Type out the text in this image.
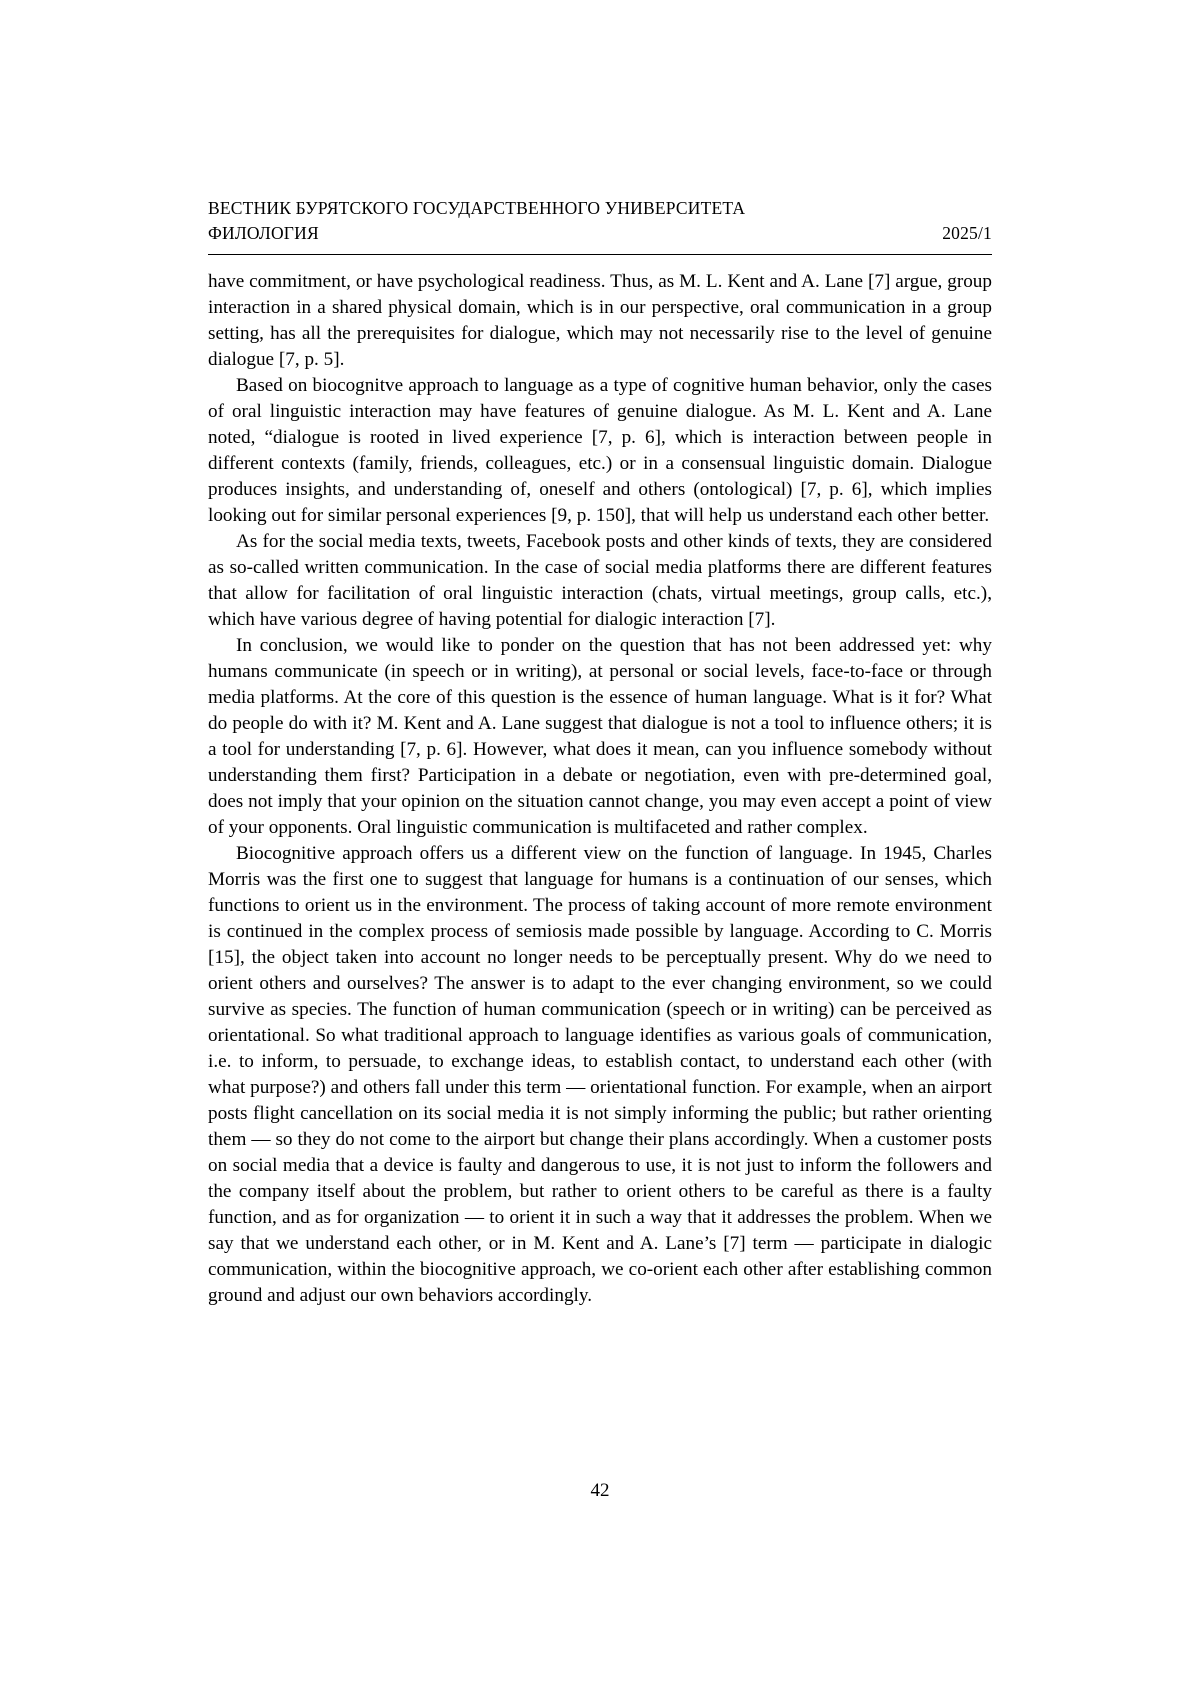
ВЕСТНИК БУРЯТСКОГО ГОСУДАРСТВЕННОГО УНИВЕРСИТЕТА
ФИЛОЛОГИЯ	2025/1

have commitment, or have psychological readiness. Thus, as M. L. Kent and A. Lane [7] argue, group interaction in a shared physical domain, which is in our perspective, oral communication in a group setting, has all the prerequisites for dialogue, which may not necessarily rise to the level of genuine dialogue [7, p. 5].

Based on biocognitve approach to language as a type of cognitive human behavior, only the cases of oral linguistic interaction may have features of genuine dialogue. As M. L. Kent and A. Lane noted, “dialogue is rooted in lived experience [7, p. 6], which is interaction between people in different contexts (family, friends, colleagues, etc.) or in a consensual linguistic domain. Dialogue produces insights, and understanding of, oneself and others (ontological) [7, p. 6], which implies looking out for similar personal experiences [9, p. 150], that will help us understand each other better.

As for the social media texts, tweets, Facebook posts and other kinds of texts, they are considered as so-called written communication. In the case of social media platforms there are different features that allow for facilitation of oral linguistic interaction (chats, virtual meetings, group calls, etc.), which have various degree of having potential for dialogic interaction [7].

In conclusion, we would like to ponder on the question that has not been addressed yet: why humans communicate (in speech or in writing), at personal or social levels, face-to-face or through media platforms. At the core of this question is the essence of human language. What is it for? What do people do with it? M. Kent and A. Lane suggest that dialogue is not a tool to influence others; it is a tool for understanding [7, p. 6]. However, what does it mean, can you influence somebody without understanding them first? Participation in a debate or negotiation, even with pre-determined goal, does not imply that your opinion on the situation cannot change, you may even accept a point of view of your opponents. Oral linguistic communication is multifaceted and rather complex.

Biocognitive approach offers us a different view on the function of language. In 1945, Charles Morris was the first one to suggest that language for humans is a continuation of our senses, which functions to orient us in the environment. The process of taking account of more remote environment is continued in the complex process of semiosis made possible by language. According to C. Morris [15], the object taken into account no longer needs to be perceptually present. Why do we need to orient others and ourselves? The answer is to adapt to the ever changing environment, so we could survive as species. The function of human communication (speech or in writing) can be perceived as orientational. So what traditional approach to language identifies as various goals of communication, i.e. to inform, to persuade, to exchange ideas, to establish contact, to understand each other (with what purpose?) and others fall under this term — orientational function. For example, when an airport posts flight cancellation on its social media it is not simply informing the public; but rather orienting them — so they do not come to the airport but change their plans accordingly. When a customer posts on social media that a device is faulty and dangerous to use, it is not just to inform the followers and the company itself about the problem, but rather to orient others to be careful as there is a faulty function, and as for organization — to orient it in such a way that it addresses the problem. When we say that we understand each other, or in M. Kent and A. Lane’s [7] term — participate in dialogic communication, within the biocognitive approach, we co-orient each other after establishing common ground and adjust our own behaviors accordingly.

42
